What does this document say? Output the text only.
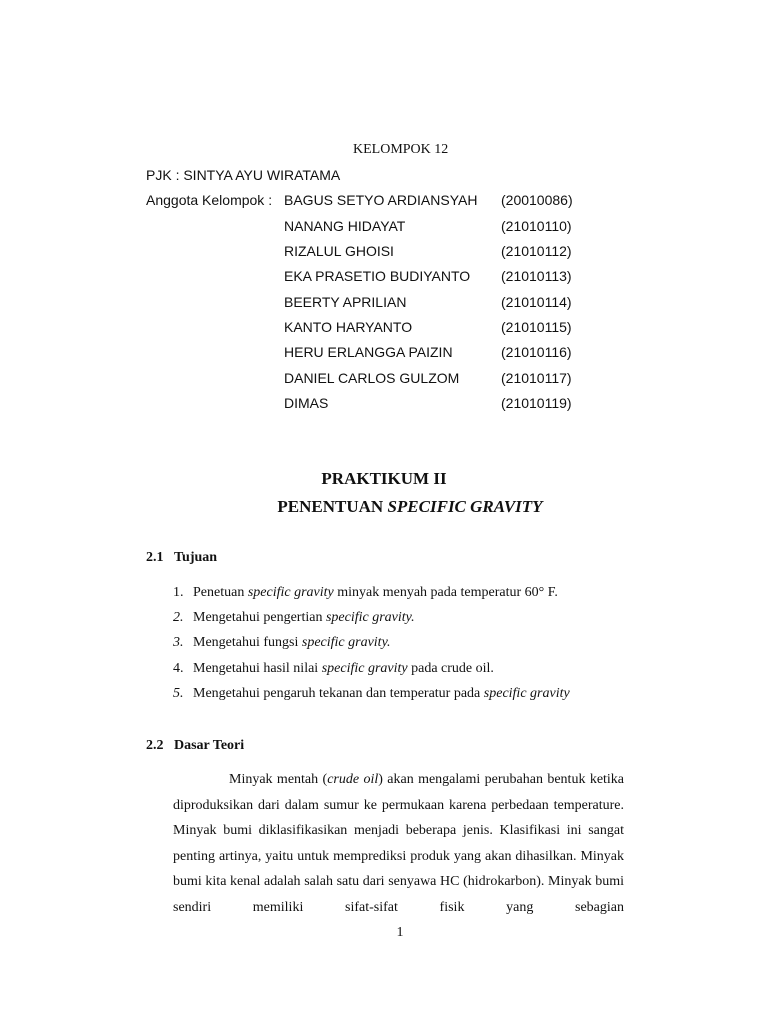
KELOMPOK 12
PJK : SINTYA AYU WIRATAMA
Anggota Kelompok : BAGUS SETYO ARDIANSYAH (20010086)
NANANG HIDAYAT	(21010110)
RIZALUL GHOISI	(21010112)
EKA PRASETIO BUDIYANTO (21010113)
BEERTY APRILIAN	(21010114)
KANTO HARYANTO	(21010115)
HERU ERLANGGA PAIZIN	(21010116)
DANIEL CARLOS GULZOM	(21010117)
DIMAS	(21010119)
PRAKTIKUM II
PENENTUAN SPECIFIC GRAVITY
2.1 Tujuan
1. Penetuan specific gravity minyak menyah pada temperatur 60° F.
2. Mengetahui pengertian specific gravity.
3. Mengetahui fungsi specific gravity.
4. Mengetahui hasil nilai specific gravity pada crude oil.
5. Mengetahui pengaruh tekanan dan temperatur pada specific gravity
2.2 Dasar Teori

Minyak mentah (crude oil) akan mengalami perubahan bentuk ketika diproduksikan dari dalam sumur ke permukaan karena perbedaan temperature. Minyak bumi diklasifikasikan menjadi beberapa jenis. Klasifikasi ini sangat penting artinya, yaitu untuk memprediksi produk yang akan dihasilkan. Minyak bumi kita kenal adalah salah satu dari senyawa HC (hidrokarbon). Minyak bumi sendiri memiliki sifat-sifat fisik yang sebagian

1
